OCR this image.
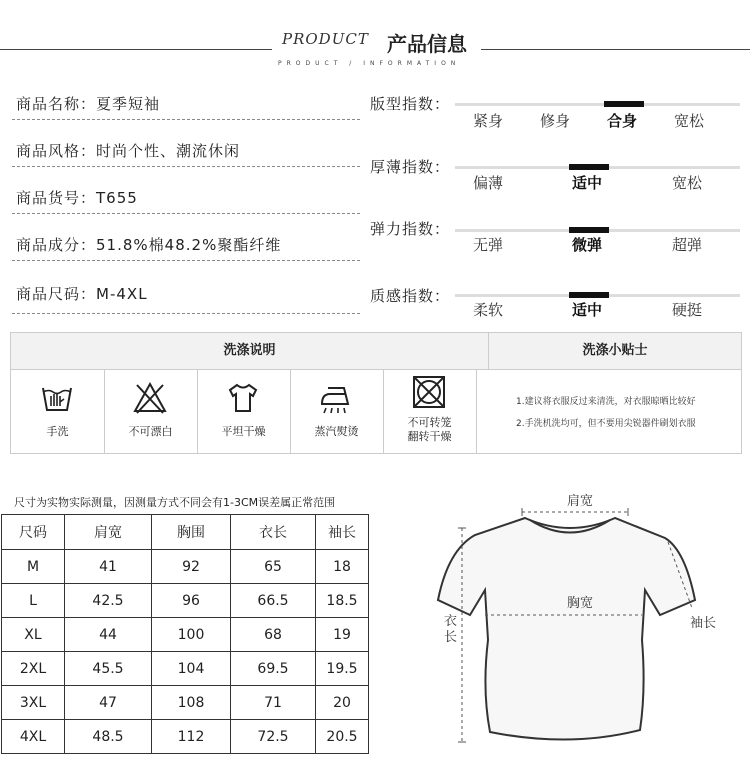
PRODUCT 产品信息
PRODUCT / INFORMATION
商品名称：夏季短袖
商品风格：时尚个性、潮流休闲
商品货号：T655
商品成分：51.8%棉48.2%聚酯纤维
商品尺码：M-4XL
版型指数：
紧身 修身 合身 宽松
厚薄指数：
偏薄	适中	宽松
弹力指数：
无弹	微弹	超弹
质感指数：
柔软	适中	硬挺
洗涤说明	洗涤小贴士
手洗	不可漂白	平坦干燥	蒸汽熨烫
不可转笼
翻转干燥
1.建议将衣服反过来清洗，对衣服晾晒比较好
2.手洗机洗均可，但不要用尖锐器件刷划衣服
尺寸为实物实际测量，因测量方式不同会有1-3CM误差属正常范围
尺码	肩宽	胸围	衣长	袖长
M	41	92	65	18
L	42.5	96	66.5	18.5
XL	44	100	68	19
2XL	45.5	104	69.5	19.5
3XL	47	108	71	20
4XL	48.5	112	72.5	20.5
肩宽
胸宽
衣
长
袖长
